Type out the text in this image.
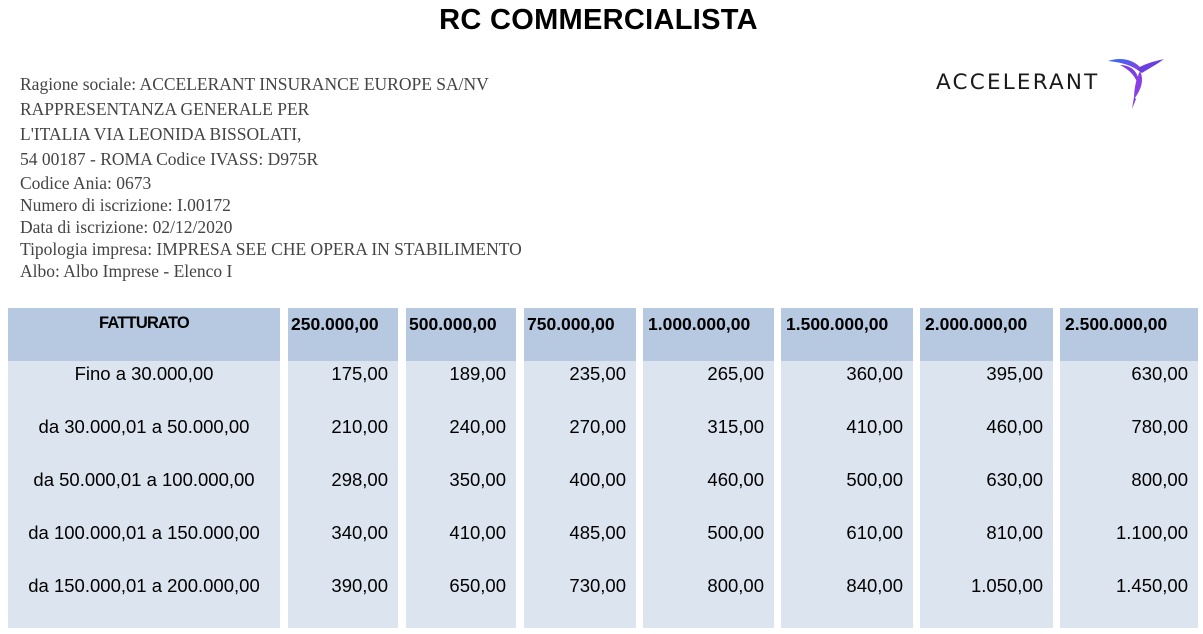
RC COMMERCIALISTA
Ragione sociale: ACCELERANT INSURANCE EUROPE SA/NV
RAPPRESENTANZA GENERALE PER
L'ITALIA VIA LEONIDA BISSOLATI,
54 00187 - ROMA Codice IVASS: D975R
Codice Ania: 0673
Numero di iscrizione: I.00172
Data di iscrizione: 02/12/2020
Tipologia impresa: IMPRESA SEE CHE OPERA IN STABILIMENTO
Albo: Albo Imprese - Elenco I
ACCELERANT
FATTURATO
Fino a 30.000,00
da 30.000,01 a 50.000,00
da 50.000,01 a 100.000,00
da 100.000,01 a 150.000,00
da 150.000,01 a 200.000,00
250.000,00
175,00
210,00
298,00
340,00
390,00
500.000,00
189,00
240,00
350,00
410,00
650,00
750.000,00
235,00
270,00
400,00
485,00
730,00
1.000.000,00
265,00
315,00
460,00
500,00
800,00
1.500.000,00
360,00
410,00
500,00
610,00
840,00
2.000.000,00
395,00
460,00
630,00
810,00
1.050,00
2.500.000,00
630,00
780,00
800,00
1.100,00
1.450,00
